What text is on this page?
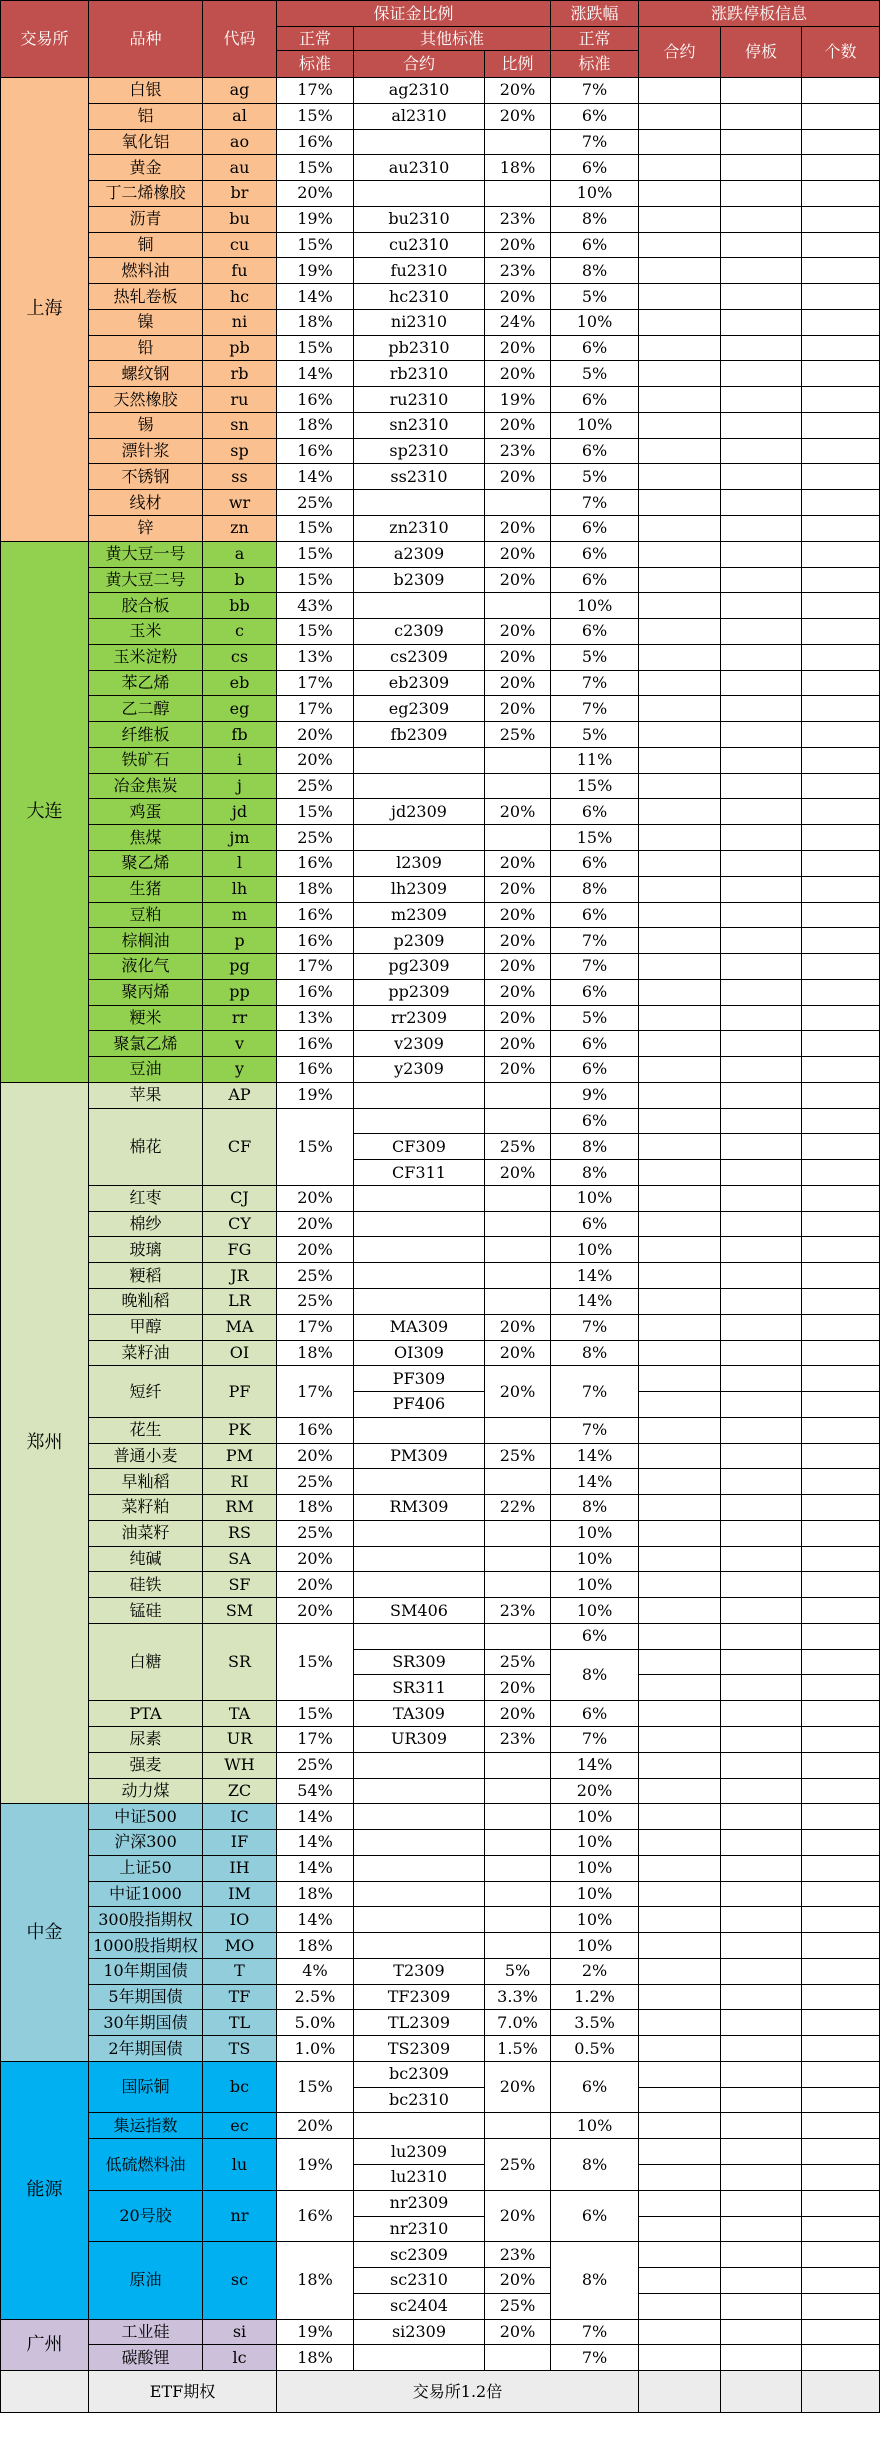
交易所	品种	代码	保证金比例			涨跌幅	涨跌停板信息		
			正常	其他标准		正常	合约	停板	个数
			标准	合约	比例	标准			
上海	白银	ag	17%	ag2310	20%	7%			
	铝	al	15%	al2310	20%	6%			
	氧化铝	ao	16%			7%			
	黄金	au	15%	au2310	18%	6%			
	丁二烯橡胶	br	20%			10%			
	沥青	bu	19%	bu2310	23%	8%			
	铜	cu	15%	cu2310	20%	6%			
	燃料油	fu	19%	fu2310	23%	8%			
	热轧卷板	hc	14%	hc2310	20%	5%			
	镍	ni	18%	ni2310	24%	10%			
	铅	pb	15%	pb2310	20%	6%			
	螺纹钢	rb	14%	rb2310	20%	5%			
	天然橡胶	ru	16%	ru2310	19%	6%			
	锡	sn	18%	sn2310	20%	10%			
	漂针浆	sp	16%	sp2310	23%	6%			
	不锈钢	ss	14%	ss2310	20%	5%			
	线材	wr	25%			7%			
	锌	zn	15%	zn2310	20%	6%			
大连	黄大豆一号	a	15%	a2309	20%	6%			
	黄大豆二号	b	15%	b2309	20%	6%			
	胶合板	bb	43%			10%			
	玉米	c	15%	c2309	20%	6%			
	玉米淀粉	cs	13%	cs2309	20%	5%			
	苯乙烯	eb	17%	eb2309	20%	7%			
	乙二醇	eg	17%	eg2309	20%	7%			
	纤维板	fb	20%	fb2309	25%	5%			
	铁矿石	i	20%			11%			
	冶金焦炭	j	25%			15%			
	鸡蛋	jd	15%	jd2309	20%	6%			
	焦煤	jm	25%			15%			
	聚乙烯	l	16%	l2309	20%	6%			
	生猪	lh	18%	lh2309	20%	8%			
	豆粕	m	16%	m2309	20%	6%			
	棕榈油	p	16%	p2309	20%	7%			
	液化气	pg	17%	pg2309	20%	7%			
	聚丙烯	pp	16%	pp2309	20%	6%			
	粳米	rr	13%	rr2309	20%	5%			
	聚氯乙烯	v	16%	v2309	20%	6%			
	豆油	y	16%	y2309	20%	6%			
郑州	苹果	AP	19%			9%			
	棉花	CF	15%			6%			
				CF309	25%	8%			
				CF311	20%	8%			
	红枣	CJ	20%			10%			
	棉纱	CY	20%			6%			
	玻璃	FG	20%			10%			
	粳稻	JR	25%			14%			
	晚籼稻	LR	25%			14%			
	甲醇	MA	17%	MA309	20%	7%			
	菜籽油	OI	18%	OI309	20%	8%			
	短纤	PF	17%	PF309	20%	7%			
				PF406					
	花生	PK	16%			7%			
	普通小麦	PM	20%	PM309	25%	14%			
	早籼稻	RI	25%			14%			
	菜籽粕	RM	18%	RM309	22%	8%			
	油菜籽	RS	25%			10%			
	纯碱	SA	20%			10%			
	硅铁	SF	20%			10%			
	锰硅	SM	20%	SM406	23%	10%			
	白糖	SR	15%			6%			
				SR309	25%	8%			
				SR311	20%				
	PTA	TA	15%	TA309	20%	6%			
	尿素	UR	17%	UR309	23%	7%			
	强麦	WH	25%			14%			
	动力煤	ZC	54%			20%			
中金	中证500	IC	14%			10%			
	沪深300	IF	14%			10%			
	上证50	IH	14%			10%			
	中证1000	IM	18%			10%			
	300股指期权	IO	14%			10%			
	1000股指期权	MO	18%			10%			
	10年期国债	T	4%	T2309	5%	2%			
	5年期国债	TF	2.5%	TF2309	3.3%	1.2%			
	30年期国债	TL	5.0%	TL2309	7.0%	3.5%			
	2年期国债	TS	1.0%	TS2309	1.5%	0.5%			
能源	国际铜	bc	15%	bc2309	20%	6%			
				bc2310					
	集运指数	ec	20%			10%			
	低硫燃料油	lu	19%	lu2309	25%	8%			
				lu2310					
	20号胶	nr	16%	nr2309	20%	6%			
				nr2310					
	原油	sc	18%	sc2309	23%	8%			
				sc2310	20%				
				sc2404	25%				
广州	工业硅	si	19%	si2309	20%	7%			
	碳酸锂	lc	18%			7%			
	ETF期权		交易所1.2倍						
